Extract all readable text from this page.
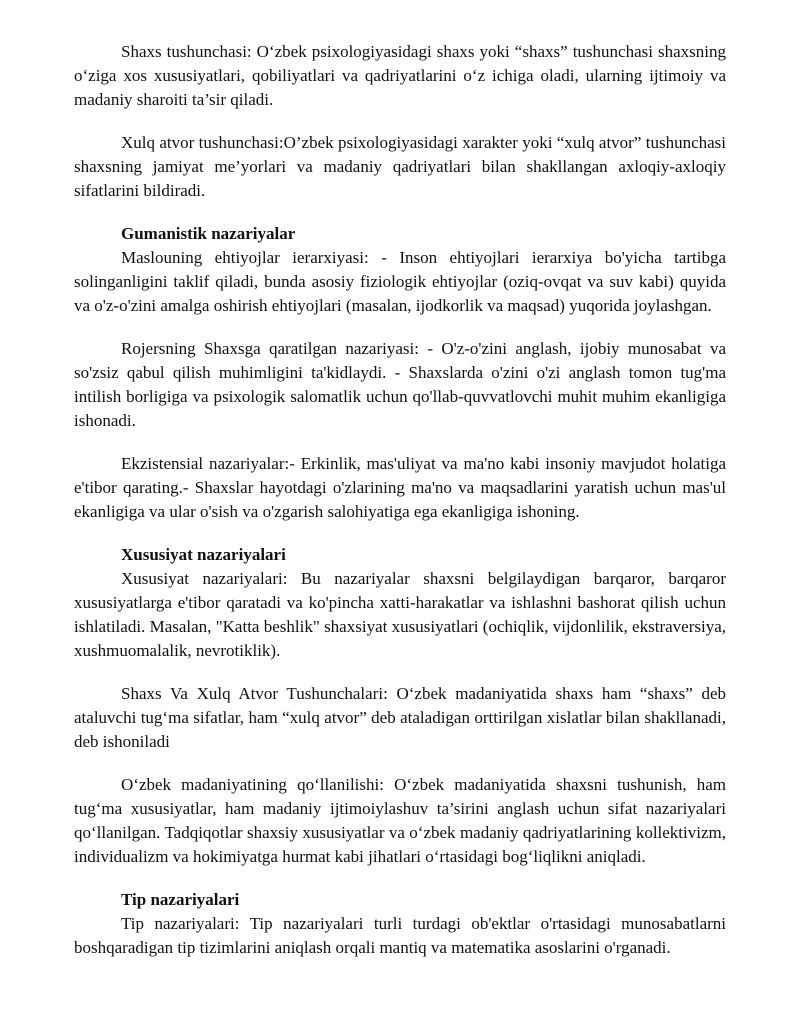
Shaxs tushunchasi: O‘zbek psixologiyasidagi shaxs yoki “shaxs” tushunchasi shaxsning o‘ziga xos xususiyatlari, qobiliyatlari va qadriyatlarini o‘z ichiga oladi, ularning ijtimoiy va madaniy sharoiti ta’sir qiladi.

Xulq atvor tushunchasi:O’zbek psixologiyasidagi xarakter yoki “xulq atvor” tushunchasi shaxsning jamiyat me’yorlari va madaniy qadriyatlari bilan shakllangan axloqiy-axloqiy sifatlarini bildiradi.

Gumanistik nazariyalar

Maslouning ehtiyojlar ierarxiyasi: - Inson ehtiyojlari ierarxiya bo'yicha tartibga solinganligini taklif qiladi, bunda asosiy fiziologik ehtiyojlar (oziq-ovqat va suv kabi) quyida va o'z-o'zini amalga oshirish ehtiyojlari (masalan, ijodkorlik va maqsad) yuqorida joylashgan.

Rojersning Shaxsga qaratilgan nazariyasi: - O'z-o'zini anglash, ijobiy munosabat va so'zsiz qabul qilish muhimligini ta'kidlaydi. - Shaxslarda o'zini o'zi anglash tomon tug'ma intilish borligiga va psixologik salomatlik uchun qo'llab-quvvatlovchi muhit muhim ekanligiga ishonadi.

Ekzistensial nazariyalar:- Erkinlik, mas'uliyat va ma'no kabi insoniy mavjudot holatiga e'tibor qarating.- Shaxslar hayotdagi o'zlarining ma'no va maqsadlarini yaratish uchun mas'ul ekanligiga va ular o'sish va o'zgarish salohiyatiga ega ekanligiga ishoning.

Xususiyat nazariyalari

Xususiyat nazariyalari: Bu nazariyalar shaxsni belgilaydigan barqaror, barqaror xususiyatlarga e'tibor qaratadi va ko'pincha xatti-harakatlar va ishlashni bashorat qilish uchun ishlatiladi. Masalan, "Katta beshlik" shaxsiyat xususiyatlari (ochiqlik, vijdonlilik, ekstraversiya, xushmuomalalik, nevrotiklik).

Shaxs Va Xulq Atvor Tushunchalari: O‘zbek madaniyatida shaxs ham “shaxs” deb ataluvchi tug‘ma sifatlar, ham “xulq atvor” deb ataladigan orttirilgan xislatlar bilan shakllanadi, deb ishoniladi

O‘zbek madaniyatining qo‘llanilishi: O‘zbek madaniyatida shaxsni tushunish, ham tug‘ma xususiyatlar, ham madaniy ijtimoiylashuv ta’sirini anglash uchun sifat nazariyalari qo‘llanilgan. Tadqiqotlar shaxsiy xususiyatlar va o‘zbek madaniy qadriyatlarining kollektivizm, individualizm va hokimiyatga hurmat kabi jihatlari o‘rtasidagi bog‘liqlikni aniqladi.

Tip nazariyalari

Tip nazariyalari: Tip nazariyalari turli turdagi ob'ektlar o'rtasidagi munosabatlarni boshqaradigan tip tizimlarini aniqlash orqali mantiq va matematika asoslarini o'rganadi.
